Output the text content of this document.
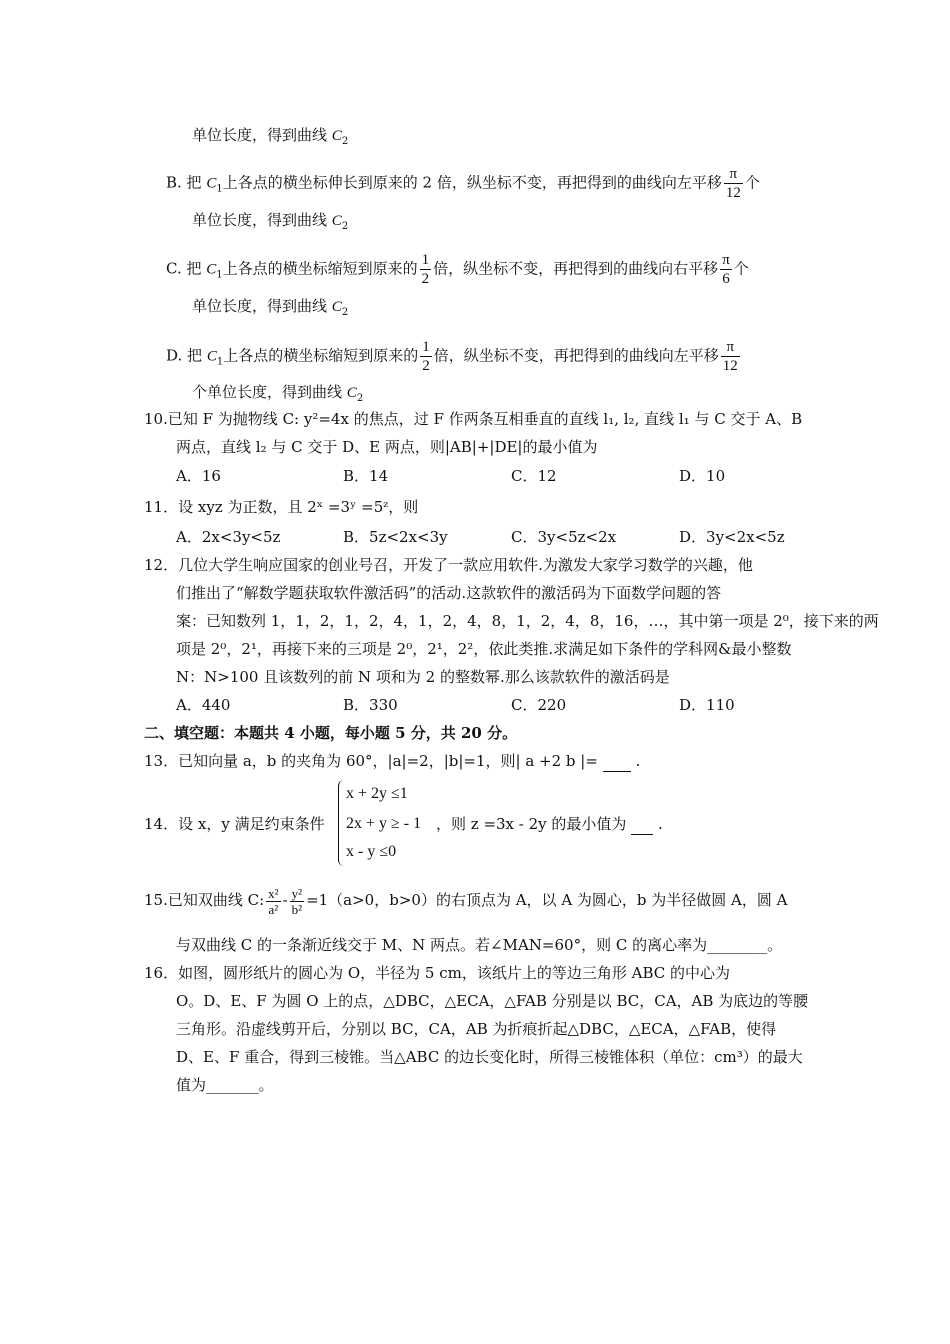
单位长度，得到曲线 $C_2$
B. 把 $C_1$上各点的横坐标伸长到原来的 2 倍，纵坐标不变，再把得到的曲线向左平移 $\frac{\pi}{12}$ 个
单位长度，得到曲线 $C_2$
C. 把 $C_1$上各点的横坐标缩短到原来的 $\frac{1}{2}$ 倍，纵坐标不变，再把得到的曲线向右平移 $\frac{\pi}{6}$ 个
单位长度，得到曲线 $C_2$
D. 把 $C_1$上各点的横坐标缩短到原来的 $\frac{1}{2}$ 倍，纵坐标不变，再把得到的曲线向左平移 $\frac{\pi}{12}$
个单位长度，得到曲线 $C_2$
10.已知 F 为抛物线 C: y²=4x 的焦点，过 F 作两条互相垂直的直线 l₁, l₂, 直线 l₁ 与 C 交于 A、B
两点，直线 l₂ 与 C 交于 D、E 两点，则|AB|+|DE|的最小值为
A．16	B．14	C．12	D．10
11．设 xyz 为正数，且 2ˣ =3ʸ =5ᶻ，则
A．2x<3y<5z	B．5z<2x<3y	C．3y<5z<2x	D．3y<2x<5z
12．几位大学生响应国家的创业号召，开发了一款应用软件.为激发大家学习数学的兴趣，他
们推出了“解数学题获取软件激活码”的活动.这款软件的激活码为下面数学问题的答
案：已知数列 1，1，2，1，2，4，1，2，4，8，1，2，4，8，16，…，其中第一项是 2⁰，接下来的两
项是 2⁰，2¹，再接下来的三项是 2⁰，2¹，2²，依此类推.求满足如下条件的学科网&最小整数
N：N>100 且该数列的前 N 项和为 2 的整数幂.那么该款软件的激活码是
A．440	B．330	C．220	D．110
二、填空题：本题共 4 小题，每小题 5 分，共 20 分。
13．已知向量 a，b 的夹角为 60°，|a|=2，|b|=1，则| a +2 b |=	.
14．设 x，y 满足约束条件
x + 2y ≤1
2x + y ≥ - 1
x - y ≤0
，则 z =3x - 2y 的最小值为 .
15.已知双曲线 C: $\frac{\text{x²}}{\text{a²}} - \frac{\text{y²}}{\text{b²}} =1(a>0$，b>0）的右顶点为 A，以 A 为圆心，b 为半径做圆 A，圆 A
与双曲线 C 的一条渐近线交于 M、N 两点。若∠MAN=60°，则 C 的离心率为________。
16．如图，圆形纸片的圆心为 O，半径为 5 cm，该纸片上的等边三角形 ABC 的中心为
O。D、E、F 为圆 O 上的点，△DBC，△ECA，△FAB 分别是以 BC，CA，AB 为底边的等腰
三角形。沿虚线剪开后，分别以 BC，CA，AB 为折痕折起△DBC，△ECA，△FAB，使得
D、E、F 重合，得到三棱锥。当△ABC 的边长变化时，所得三棱锥体积（单位：cm³）的最大
值为_______。
